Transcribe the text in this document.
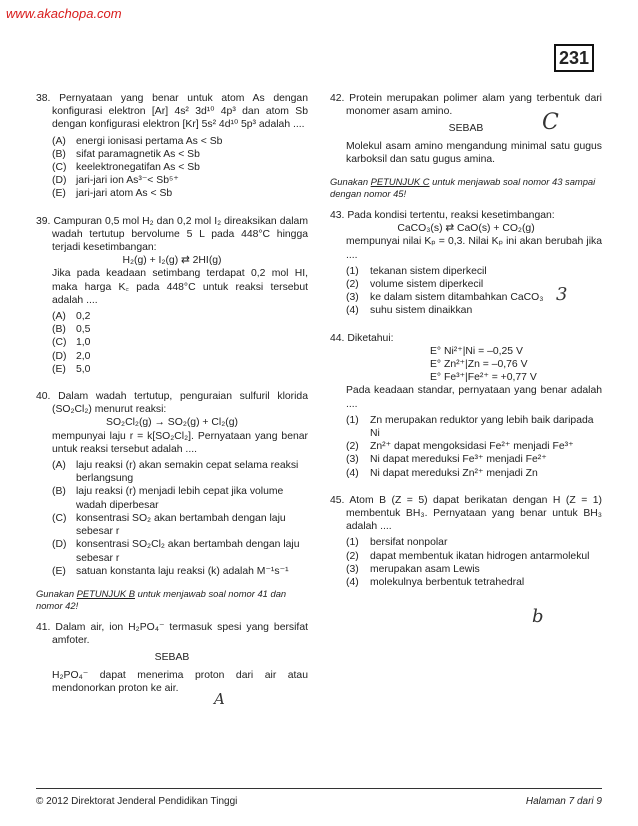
www.akachopa.com
231
38. Pernyataan yang benar untuk atom As dengan konfigurasi elektron [Ar] 4s² 3d¹⁰ 4p³ dan atom Sb dengan konfigurasi elektron [Kr] 5s² 4d¹⁰ 5p³ adalah ....
(A) energi ionisasi pertama As < Sb
(B) sifat paramagnetik As < Sb
(C) keelektronegatifan As < Sb
(D) jari-jari ion As³⁻< Sb⁵⁺
(E) jari-jari atom As < Sb
39. Campuran 0,5 mol H₂ dan 0,2 mol I₂ direaksikan dalam wadah tertutup bervolume 5 L pada 448°C hingga terjadi kesetimbangan:
H₂(g) + I₂(g) ⇄ 2HI(g)
Jika pada keadaan setimbang terdapat 0,2 mol HI, maka harga K꜀ pada 448°C untuk reaksi tersebut adalah ....
(A) 0,2
(B) 0,5
(C) 1,0
(D) 2,0
(E) 5,0
40. Dalam wadah tertutup, penguraian sulfuril klorida (SO₂Cl₂) menurut reaksi:
SO₂Cl₂(g) → SO₂(g) + Cl₂(g)
mempunyai laju r = k[SO₂Cl₂]. Pernyataan yang benar untuk reaksi tersebut adalah ....
(A) laju reaksi (r) akan semakin cepat selama reaksi berlangsung
(B) laju reaksi (r) menjadi lebih cepat jika volume wadah diperbesar
(C) konsentrasi SO₂ akan bertambah dengan laju sebesar r
(D) konsentrasi SO₂Cl₂ akan bertambah dengan laju sebesar r
(E) satuan konstanta laju reaksi (k) adalah M⁻¹s⁻¹
Gunakan PETUNJUK B untuk menjawab soal nomor 41 dan nomor 42!
41. Dalam air, ion H₂PO₄⁻ termasuk spesi yang bersifat amfoter.
SEBAB
H₂PO₄⁻ dapat menerima proton dari air atau mendonorkan proton ke air.
42. Protein merupakan polimer alam yang terbentuk dari monomer asam amino.
SEBAB
Molekul asam amino mengandung minimal satu gugus karboksil dan satu gugus amina.
Gunakan PETUNJUK C untuk menjawab soal nomor 43 sampai dengan nomor 45!
43. Pada kondisi tertentu, reaksi kesetimbangan:
CaCO₃(s) ⇄ CaO(s) + CO₂(g)
mempunyai nilai Kₚ = 0,3. Nilai Kₚ ini akan berubah jika ....
(1)	tekanan sistem diperkecil
(2)	volume sistem diperkecil
(3)	ke dalam sistem ditambahkan CaCO₃
(4)	suhu sistem dinaikkan
44. Diketahui:
E° Ni²⁺|Ni = –0,25 V
E° Zn²⁺|Zn = –0,76 V
E° Fe³⁺|Fe²⁺ = +0,77 V
Pada keadaan standar, pernyataan yang benar adalah ....
(1)	Zn merupakan reduktor yang lebih baik daripada Ni
(2)	Zn²⁺ dapat mengoksidasi Fe²⁺ menjadi Fe³⁺
(3)	Ni dapat mereduksi Fe³⁺ menjadi Fe²⁺
(4)	Ni dapat mereduksi Zn²⁺ menjadi Zn
45. Atom B (Z = 5) dapat berikatan dengan H (Z = 1) membentuk BH₃. Pernyataan yang benar untuk BH₃ adalah ....
(1)	bersifat nonpolar
(2)	dapat membentuk ikatan hidrogen antarmolekul
(3)	merupakan asam Lewis
(4)	molekulnya berbentuk tetrahedral
A
C
3
b
© 2012 Direktorat Jenderal Pendidikan Tinggi	Halaman 7 dari 9
